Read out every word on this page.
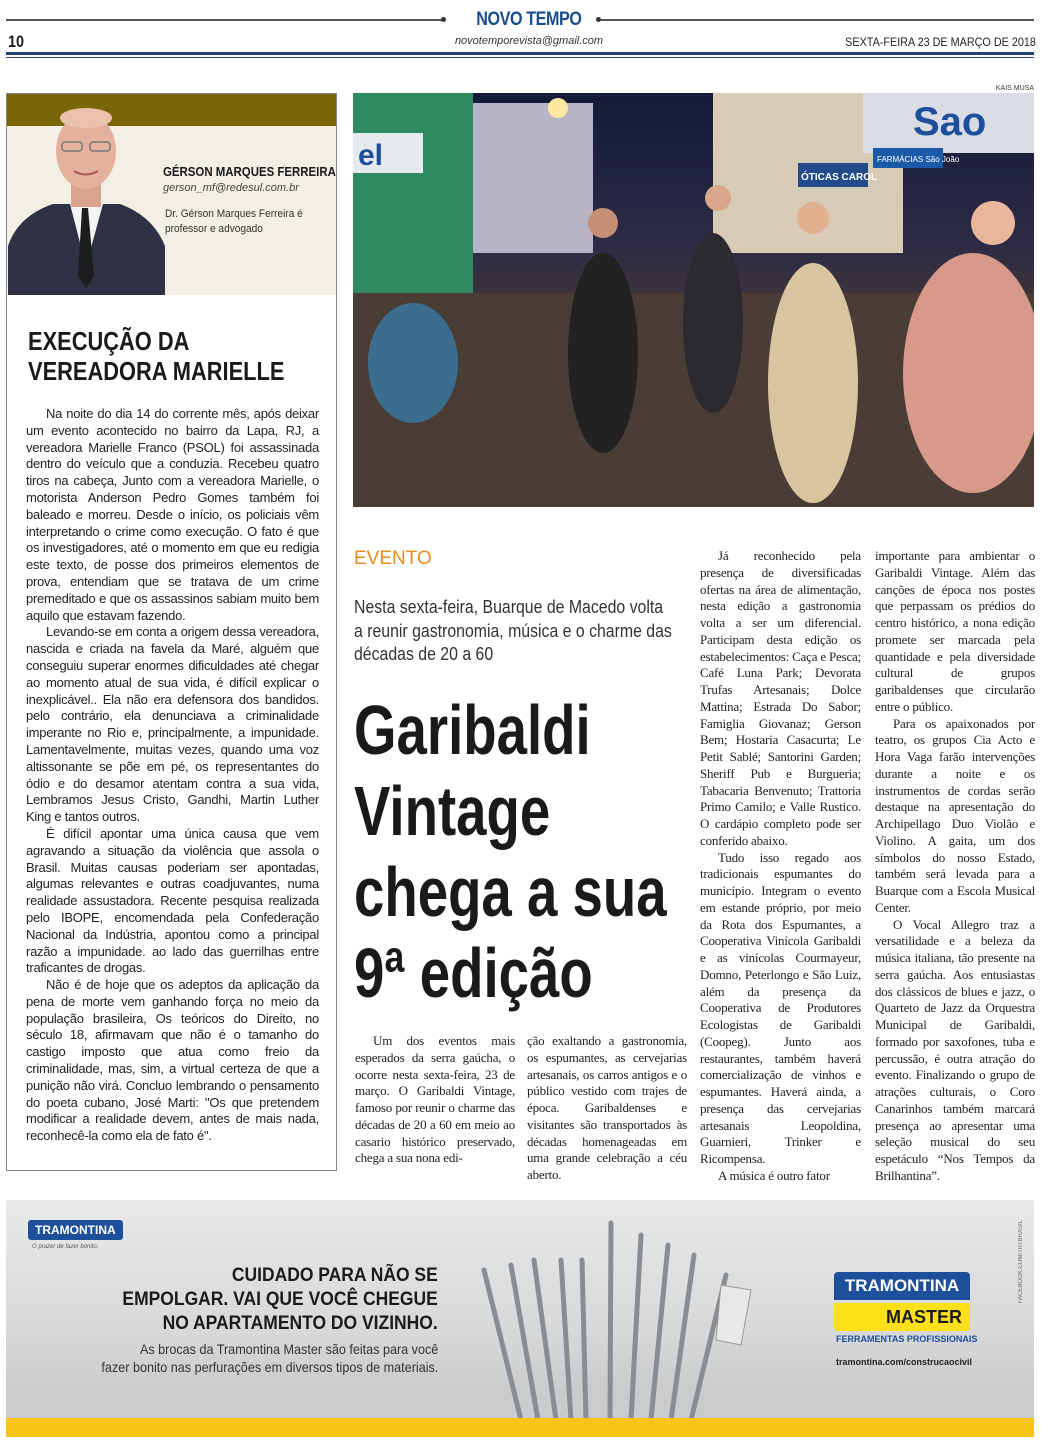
NOVO TEMPO
10	novotemporevista@gmail.com	SEXTA-FEIRA 23 DE MARÇO DE 2018
GÉRSON MARQUES FERREIRA
gerson_mf@redesul.com.br
Dr. Gérson Marques Ferreira é professor e advogado
EXECUÇÃO DA
VEREADORA MARIELLE

Na noite do dia 14 do corrente mês, após deixar um evento acontecido no bairro da Lapa, RJ, a vereadora Marielle Franco (PSOL) foi assassinada dentro do veículo que a conduzia. Recebeu quatro tiros na cabeça, Junto com a vereadora Marielle, o motorista Anderson Pedro Gomes também foi baleado e morreu. Desde o início, os policiais vêm interpretando o crime como execução. O fato é que os investigadores, até o momento em que eu redigia este texto, de posse dos primeiros elementos de prova, entendiam que se tratava de um crime premeditado e que os assassinos sabiam muito bem aquilo que estavam fazendo.

Levando-se em conta a origem dessa vereadora, nascida e criada na favela da Maré, alguém que conseguiu superar enormes dificuldades até chegar ao momento atual de sua vida, é difícil explicar o inexplicável.. Ela não era defensora dos bandidos. pelo contrário, ela denunciava a criminalidade imperante no Rio e, principalmente, a impunidade. Lamentavelmente, muitas vezes, quando uma voz altissonante se põe em pé, os representantes do ódio e do desamor atentam contra a sua vida, Lembramos Jesus Cristo, Gandhi, Martin Luther King e tantos outros.

É difícil apontar uma única causa que vem agravando a situação da violência que assola o Brasil. Muitas causas poderiam ser apontadas, algumas relevantes e outras coadjuvantes, numa realidade assustadora. Recente pesquisa realizada pelo IBOPE, encomendada pela Confederação Nacional da Indústria, apontou como a principal razão a impunidade. ao lado das guerrilhas entre traficantes de drogas.

Não é de hoje que os adeptos da aplicação da pena de morte vem ganhando força no meio da população brasileira, Os teóricos do Direito, no século 18, afirmavam que não é o tamanho do castigo imposto que atua como freio da criminalidade, mas, sim, a virtual certeza de que a punição não virá. Concluo lembrando o pensamento do poeta cubano, José Marti: "Os que pretendem modificar a realidade devem, antes de mais nada, reconhecê-la como ela de fato é".

KAIS MUSA
Sao
el	FARMÁCIAS São João
ÓTICAS CAROL
EVENTO
Nesta sexta-feira, Buarque de Macedo volta
a reunir gastronomia, música e o charme das
décadas de 20 a 60
Garibaldi
Vintage
chega a sua
9ª edição

Um dos eventos mais esperados da serra gaúcha, o ocorre nesta sexta-feira, 23 de março. O Garibaldi Vintage, famoso por reunir o charme das décadas de 20 a 60 em meio ao casario histórico preservado, chega a sua nona edi-

ção exaltando a gastronomia, os espumantes, as cervejarias artesanais, os carros antigos e o público vestido com trajes de época. Garibaldenses e visitantes são transportados às décadas homenageadas em uma grande celebração a céu aberto.

Já reconhecido pela presença de diversificadas ofertas na área de alimentação, nesta edição a gastronomia volta a ser um diferencial. Participam desta edição os estabelecimentos: Caça e Pesca; Café Luna Park; Devorata Trufas Artesanais; Dolce Mattina; Estrada Do Sabor; Famiglia Giovanaz; Gerson Bem; Hostaria Casacurta; Le Petit Sablé; Santorini Garden; Sheriff Pub e Burgueria; Tabacaria Benvenuto; Trattoria Primo Camilo; e Valle Rustico. O cardápio completo pode ser conferido abaixo.

Tudo isso regado aos tradicionais espumantes do município. Integram o evento em estande próprio, por meio da Rota dos Espumantes, a Cooperativa Vinícola Garibaldi e as vinícolas Courmayeur, Domno, Peterlongo e São Luiz, além da presença da Cooperativa de Produtores Ecologistas de Garibaldi (Coopeg). Junto aos restaurantes, também haverá comercialização de vinhos e espumantes. Haverá ainda, a presença das cervejarias artesanais Leopoldina, Guarnieri, Trinker e Ricompensa.

A música é outro fator

importante para ambientar o Garibaldi Vintage. Além das canções de época nos postes que perpassam os prédios do centro histórico, a nona edição promete ser marcada pela quantidade e pela diversidade cultural de grupos garibaldenses que circularão entre o público.

Para os apaixonados por teatro, os grupos Cia Acto e Hora Vaga farão intervenções durante a noite e os instrumentos de cordas serão destaque na apresentação do Archipellago Duo Violão e Violino. A gaita, um dos símbolos do nosso Estado, também será levada para a Buarque com a Escola Musical Center.

O Vocal Allegro traz a versatilidade e a beleza da música italiana, tão presente na serra gaúcha. Aos entusiastas dos clássicos de blues e jazz, o Quarteto de Jazz da Orquestra Municipal de Garibaldi, formado por saxofones, tuba e percussão, é outra atração do evento. Finalizando o grupo de atrações culturais, o Coro Canarinhos também marcará presença ao apresentar uma seleção musical do seu espetáculo “Nos Tempos da Brilhantina”.

TRAMONTINA
O prazer de fazer bonito.
CUIDADO PARA NÃO SE
EMPOLGAR. VAI QUE VOCÊ CHEGUE
NO APARTAMENTO DO VIZINHO.
As brocas da Tramontina Master são feitas para você
fazer bonito nas perfurações em diversos tipos de materiais.
TRAMONTINA
MASTER
FERRAMENTAS PROFISSIONAIS
tramontina.com/construcaocivil
FACEBOOK.COM/TRTBRASIL
